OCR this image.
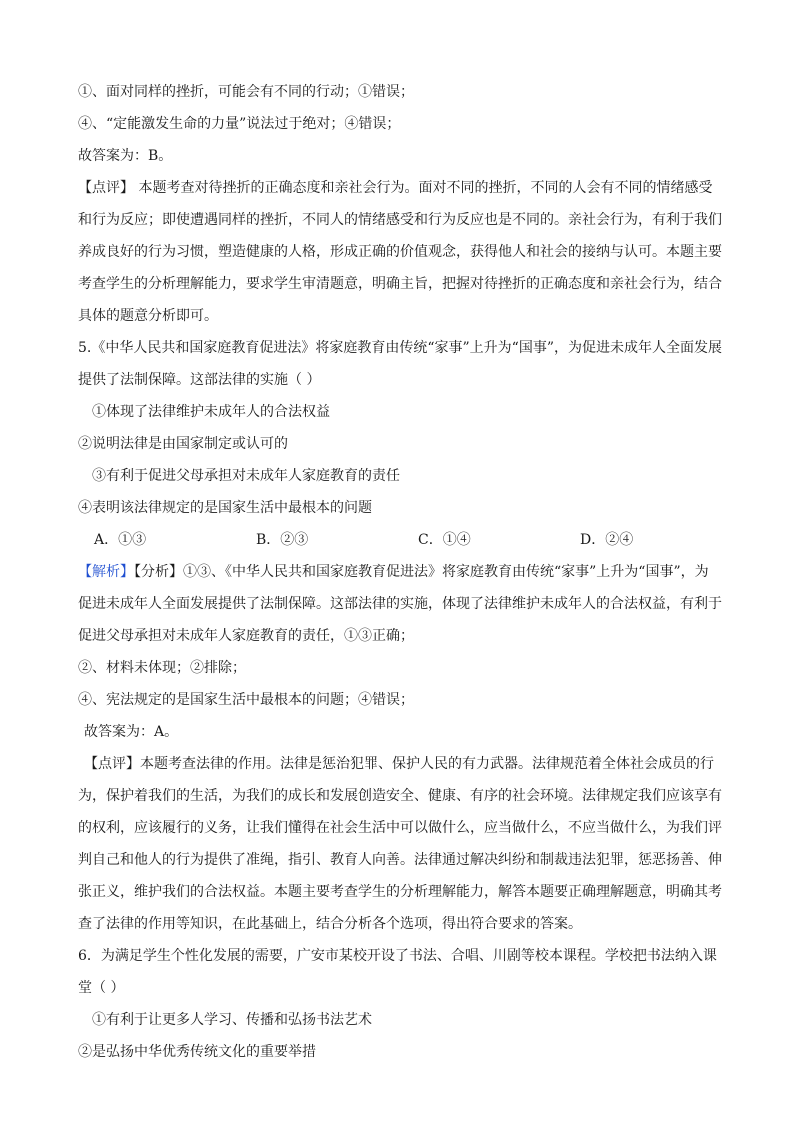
①、面对同样的挫折，可能会有不同的行动；①错误；
④、“定能激发生命的力量”说法过于绝对；④错误；
故答案为：B。
【点评】 本题考查对待挫折的正确态度和亲社会行为。面对不同的挫折，不同的人会有不同的情绪感受
和行为反应；即使遭遇同样的挫折，不同人的情绪感受和行为反应也是不同的。亲社会行为，有利于我们
养成良好的行为习惯，塑造健康的人格，形成正确的价值观念，获得他人和社会的接纳与认可。本题主要
考查学生的分析理解能力，要求学生审清题意，明确主旨，把握对待挫折的正确态度和亲社会行为，结合
具体的题意分析即可。
5.《中华人民共和国家庭教育促进法》将家庭教育由传统“家事”上升为“国事”，为促进未成年人全面发展
提供了法制保障。这部法律的实施（ ）
①体现了法律维护未成年人的合法权益
②说明法律是由国家制定或认可的
③有利于促进父母承担对未成年人家庭教育的责任
④表明该法律规定的是国家生活中最根本的问题
A．①③	B．②③	C．①④	D．②④
【解析】【分析】①③、《中华人民共和国家庭教育促进法》将家庭教育由传统“家事”上升为“国事”，为
促进未成年人全面发展提供了法制保障。这部法律的实施，体现了法律维护未成年人的合法权益，有利于
促进父母承担对未成年人家庭教育的责任，①③正确；
②、材料未体现；②排除；
④、宪法规定的是国家生活中最根本的问题；④错误；
故答案为：A。
【点评】本题考查法律的作用。法律是惩治犯罪、保护人民的有力武器。法律规范着全体社会成员的行
为，保护着我们的生活，为我们的成长和发展创造安全、健康、有序的社会环境。法律规定我们应该享有
的权利，应该履行的义务，让我们懂得在社会生活中可以做什么，应当做什么，不应当做什么，为我们评
判自己和他人的行为提供了准绳，指引、教育人向善。法律通过解决纠纷和制裁违法犯罪，惩恶扬善、伸
张正义，维护我们的合法权益。本题主要考查学生的分析理解能力，解答本题要正确理解题意，明确其考
查了法律的作用等知识，在此基础上，结合分析各个选项，得出符合要求的答案。
6．为满足学生个性化发展的需要，广安市某校开设了书法、合唱、川剧等校本课程。学校把书法纳入课
堂（ ）
①有利于让更多人学习、传播和弘扬书法艺术
②是弘扬中华优秀传统文化的重要举措
